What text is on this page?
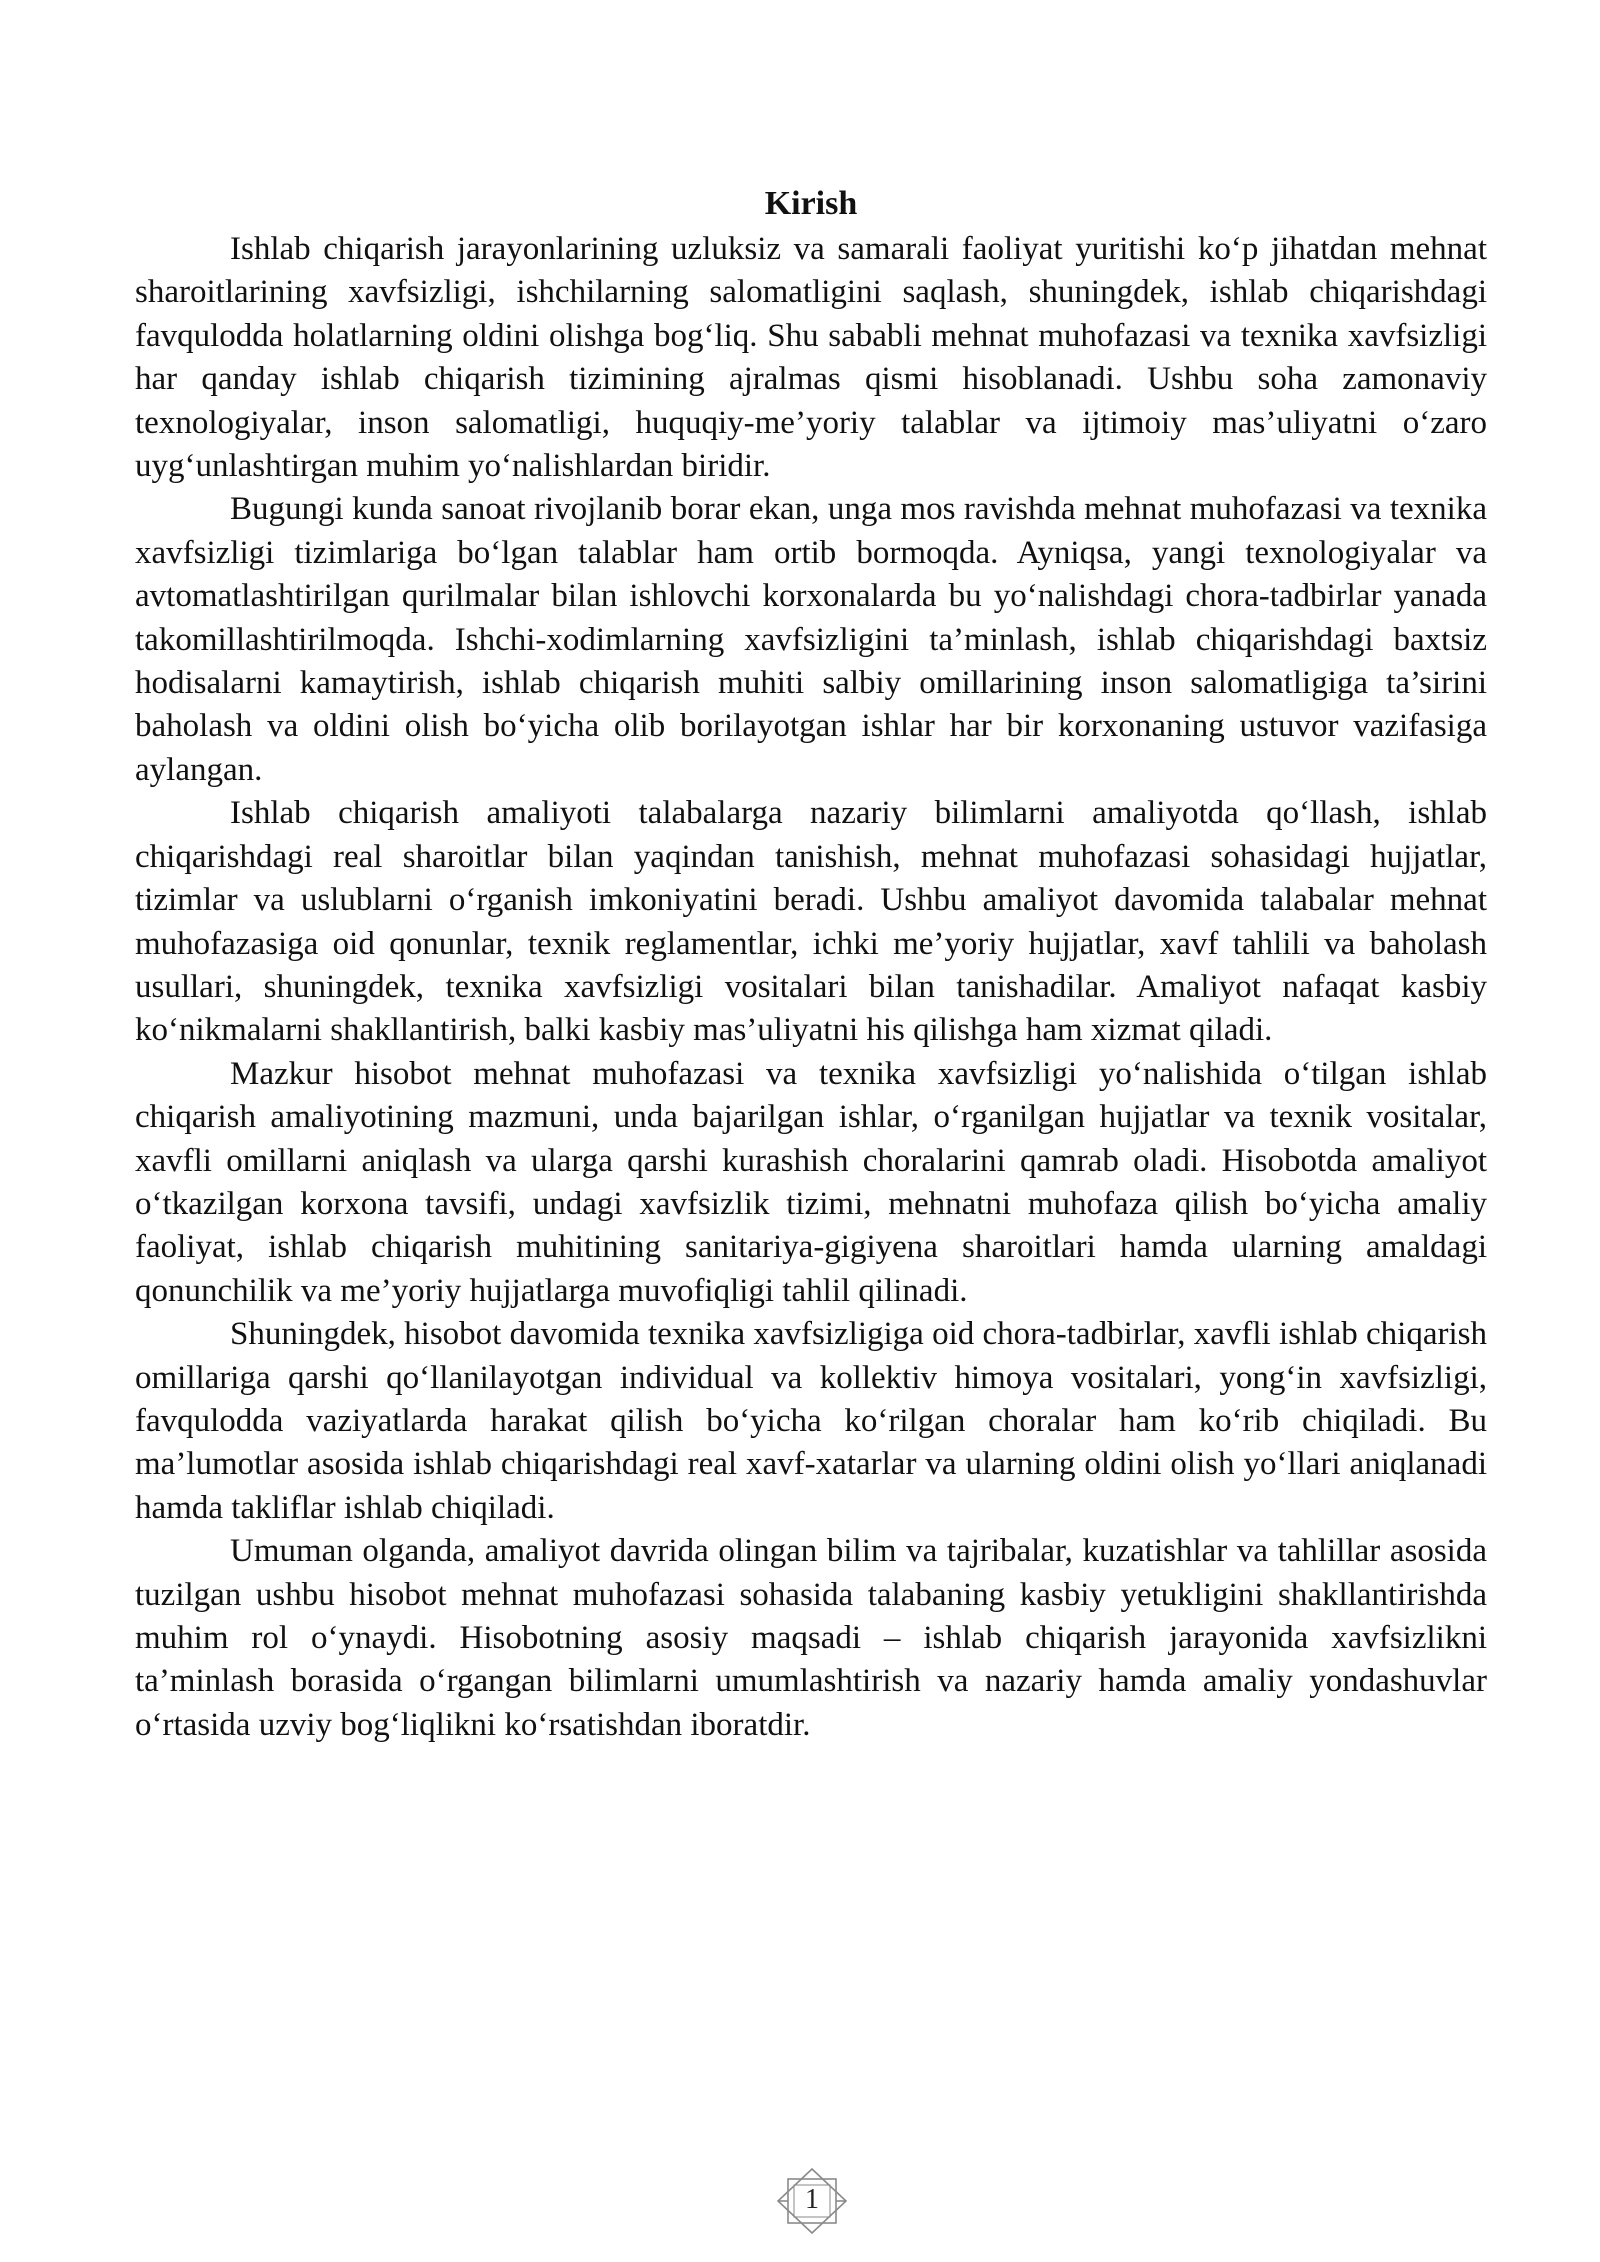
Kirish

Ishlab chiqarish jarayonlarining uzluksiz va samarali faoliyat yuritishi ko‘p jihatdan mehnat sharoitlarining xavfsizligi, ishchilarning salomatligini saqlash, shuningdek, ishlab chiqarishdagi favqulodda holatlarning oldini olishga bog‘liq. Shu sababli mehnat muhofazasi va texnika xavfsizligi har qanday ishlab chiqarish tizimining ajralmas qismi hisoblanadi. Ushbu soha zamonaviy texnologiyalar, inson salomatligi, huquqiy-me’yoriy talablar va ijtimoiy mas’uliyatni o‘zaro uyg‘unlashtirgan muhim yo‘nalishlardan biridir.

Bugungi kunda sanoat rivojlanib borar ekan, unga mos ravishda mehnat muhofazasi va texnika xavfsizligi tizimlariga bo‘lgan talablar ham ortib bormoqda. Ayniqsa, yangi texnologiyalar va avtomatlashtirilgan qurilmalar bilan ishlovchi korxonalarda bu yo‘nalishdagi chora-tadbirlar yanada takomillashtirilmoqda. Ishchi-xodimlarning xavfsizligini ta’minlash, ishlab chiqarishdagi baxtsiz hodisalarni kamaytirish, ishlab chiqarish muhiti salbiy omillarining inson salomatligiga ta’sirini baholash va oldini olish bo‘yicha olib borilayotgan ishlar har bir korxonaning ustuvor vazifasiga aylangan.

Ishlab chiqarish amaliyoti talabalarga nazariy bilimlarni amaliyotda qo‘llash, ishlab chiqarishdagi real sharoitlar bilan yaqindan tanishish, mehnat muhofazasi sohasidagi hujjatlar, tizimlar va uslublarni o‘rganish imkoniyatini beradi. Ushbu amaliyot davomida talabalar mehnat muhofazasiga oid qonunlar, texnik reglamentlar, ichki me’yoriy hujjatlar, xavf tahlili va baholash usullari, shuningdek, texnika xavfsizligi vositalari bilan tanishadilar. Amaliyot nafaqat kasbiy ko‘nikmalarni shakllantirish, balki kasbiy mas’uliyatni his qilishga ham xizmat qiladi.

Mazkur hisobot mehnat muhofazasi va texnika xavfsizligi yo‘nalishida o‘tilgan ishlab chiqarish amaliyotining mazmuni, unda bajarilgan ishlar, o‘rganilgan hujjatlar va texnik vositalar, xavfli omillarni aniqlash va ularga qarshi kurashish choralarini qamrab oladi. Hisobotda amaliyot o‘tkazilgan korxona tavsifi, undagi xavfsizlik tizimi, mehnatni muhofaza qilish bo‘yicha amaliy faoliyat, ishlab chiqarish muhitining sanitariya-gigiyena sharoitlari hamda ularning amaldagi qonunchilik va me’yoriy hujjatlarga muvofiqligi tahlil qilinadi.

Shuningdek, hisobot davomida texnika xavfsizligiga oid chora-tadbirlar, xavfli ishlab chiqarish omillariga qarshi qo‘llanilayotgan individual va kollektiv himoya vositalari, yong‘in xavfsizligi, favqulodda vaziyatlarda harakat qilish bo‘yicha ko‘rilgan choralar ham ko‘rib chiqiladi. Bu ma’lumotlar asosida ishlab chiqarishdagi real xavf-xatarlar va ularning oldini olish yo‘llari aniqlanadi hamda takliflar ishlab chiqiladi.

Umuman olganda, amaliyot davrida olingan bilim va tajribalar, kuzatishlar va tahlillar asosida tuzilgan ushbu hisobot mehnat muhofazasi sohasida talabaning kasbiy yetukligini shakllantirishda muhim rol o‘ynaydi. Hisobotning asosiy maqsadi – ishlab chiqarish jarayonida xavfsizlikni ta’minlash borasida o‘rgangan bilimlarni umumlashtirish va nazariy hamda amaliy yondashuvlar o‘rtasida uzviy bog‘liqlikni ko‘rsatishdan iboratdir.

1
